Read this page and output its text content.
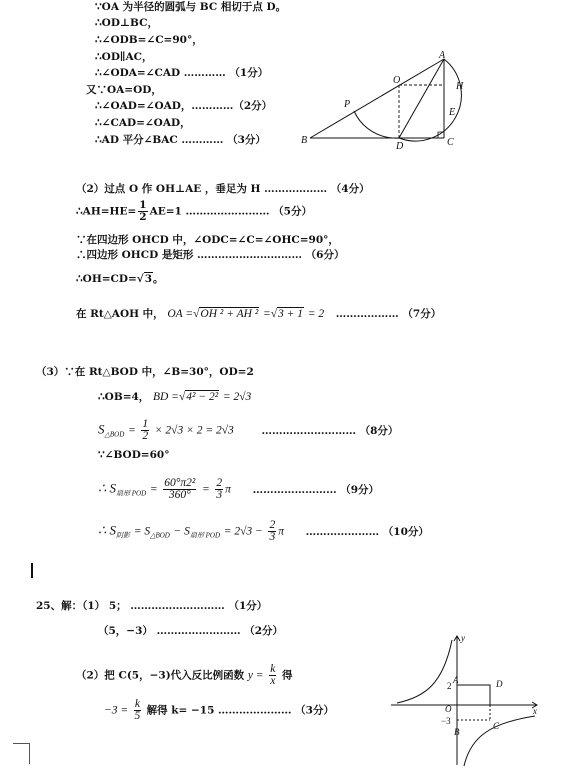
∵OA 为半径的圆弧与 BC 相切于点 D。
∴OD⊥BC，
∴∠ODB=∠C=90°，
∴OD∥AC，
∴∠ODA=∠CAD ………… （1分）
又∵OA=OD，
∴∠OAD=∠OAD，…………（2分）
∴∠CAD=∠OAD，
∴AD 平分∠BAC ………… （3分）
A
O
H
P
E
B
D	C
（2）过点 O 作 OH⊥AE ，垂足为 H ……………… （4分）
∴AH=HE= $\frac{1}{2} AE=1$ …………………… （5分）
∵在四边形 OHCD 中，∠ODC=∠C=∠OHC=90°，
∴四边形 OHCD 是矩形 ………………………… （6分）
∴OH=CD=√3。
在 Rt△AOH 中， OA =√OH ² + AH ² =√3 + 1 = 2 ……………… （7分）
（3）∵在 Rt△BOD 中，∠B=30°，OD=2
∴OB=4， BD =√4² − 2² = 2√3
$S_{\triangle BOD} = \frac{1}{2} \times 2√3 \times 2 = 2√3$	……………………… （8分）
∵∠BOD=60°
∴ $S_{扇形 POD} = \frac{\text{60°π2²}}{360^\circ} = \frac{2}{3}$ π …………………… （9分）
∴ $S_{阴影} = S_{\triangle BOD} - S_{扇形 POD} = 2√3 - \frac{2}{3}$ π ………………… （10分）
25、解：（1） 5； ……………………… （1分）
（5，−3） …………………… （2分）
（2）把 C(5，−3)代入反比例函数 $y = \frac{k}{x}$ 得
$-3 = \frac{k}{5}$ 解得 k= −15 ………………… （3分）
y
A	D
2
O	x
−3
B
C
